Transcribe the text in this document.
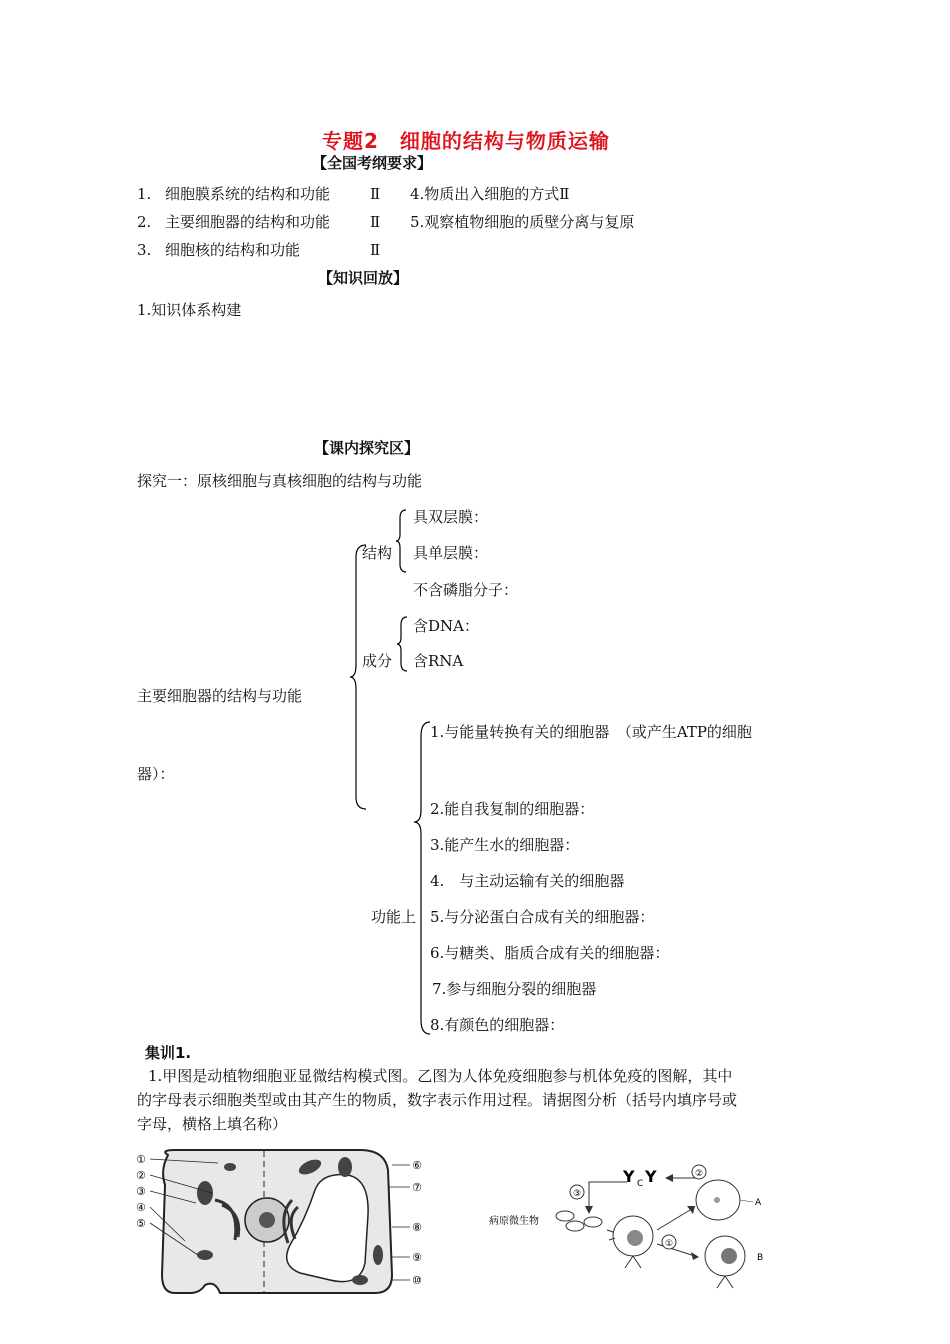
专题2　细胞的结构与物质运输
【全国考纲要求】
1. 细胞膜系统的结构和功能	Ⅱ 4.物质出入细胞的方式Ⅱ
2. 主要细胞器的结构和功能	Ⅱ 5.观察植物细胞的质壁分离与复原
3. 细胞核的结构和功能	Ⅱ
【知识回放】
1.知识体系构建
【课内探究区】
探究一：原核细胞与真核细胞的结构与功能
主要细胞器的结构与功能
器）：
结构
具双层膜：
具单层膜：
不含磷脂分子：
成分
含DNA：
含RNA
功能上
1.与能量转换有关的细胞器　（或产生ATP的细胞
2.能自我复制的细胞器：
3.能产生水的细胞器：
4.　与主动运输有关的细胞器
5.与分泌蛋白合成有关的细胞器：
6.与糖类、脂质合成有关的细胞器：
7.参与细胞分裂的细胞器
8.有颜色的细胞器：
集训1.
1.甲图是动植物细胞亚显微结构模式图。乙图为人体免疫细胞参与机体免疫的图解，其中
的字母表示细胞类型或由其产生的物质，数字表示作用过程。请据图分析（括号内填序号或
字母，横格上填名称）
①
②
③
④
⑤
⑥
⑦
⑧
⑨
⑩
病原微生物
Y C Y
③
②
A
①
B
